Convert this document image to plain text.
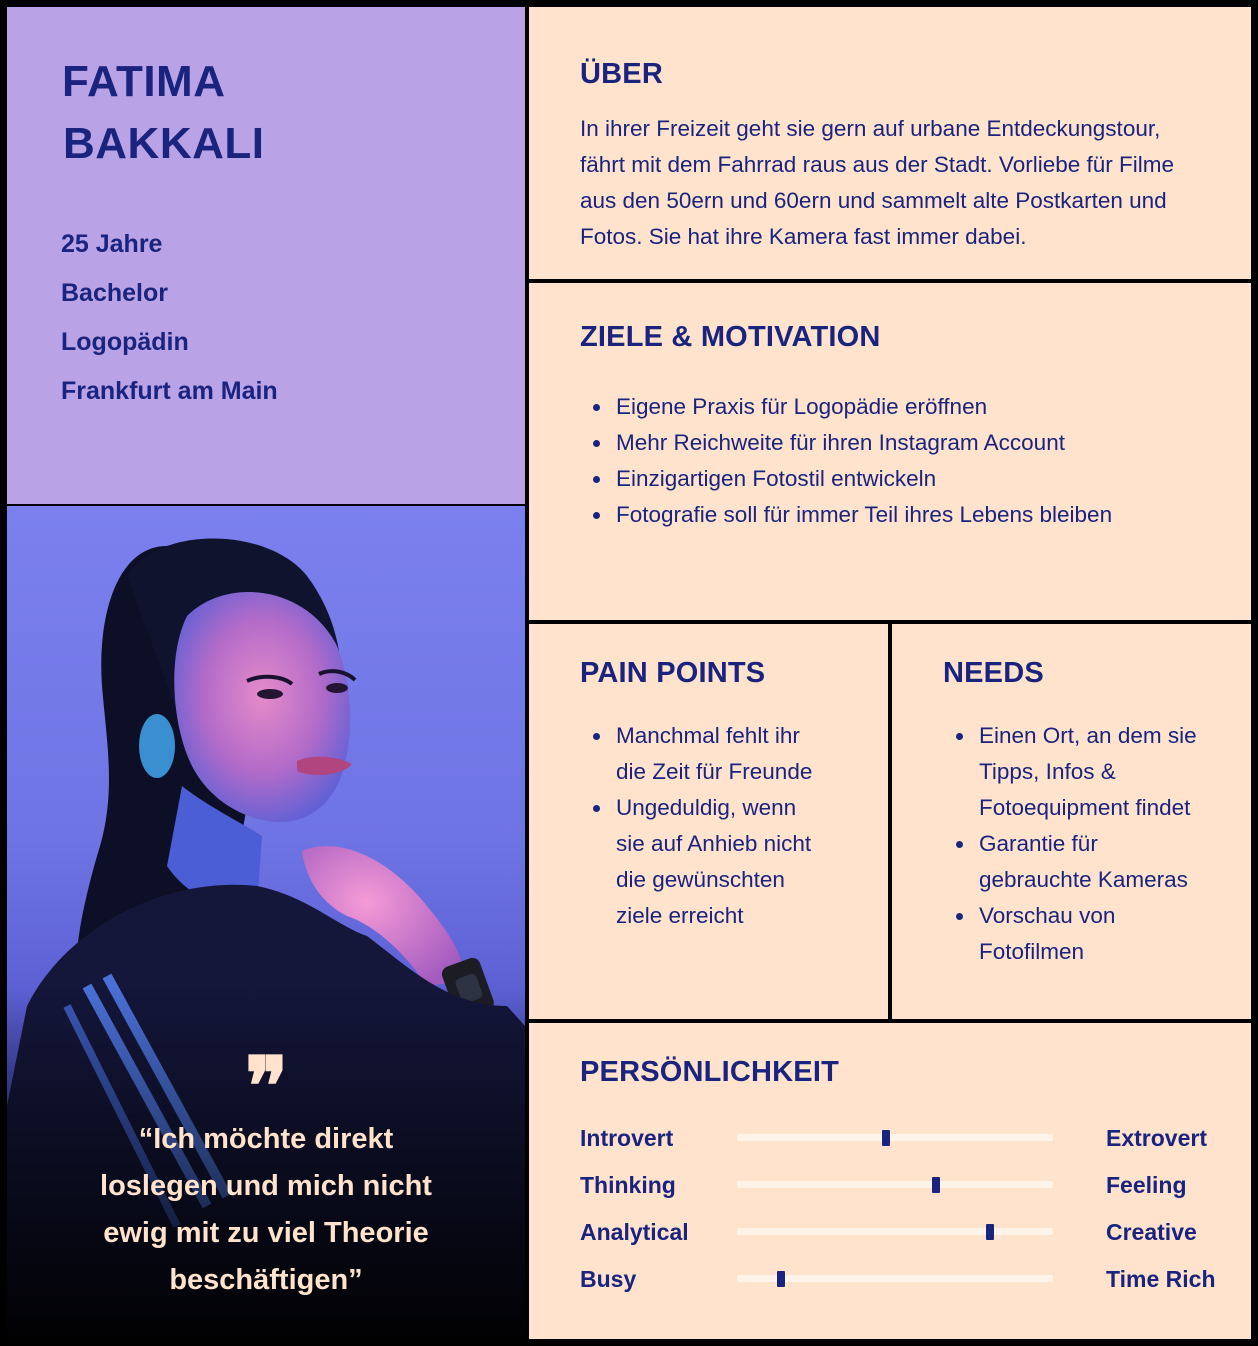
FATIMA
BAKKALI
25 Jahre
Bachelor
Logopädin
Frankfurt am Main
❞
“Ich möchte direkt
loslegen und mich nicht
ewig mit zu viel Theorie
beschäftigen”
ÜBER
In ihrer Freizeit geht sie gern auf urbane Entdeckungstour,
fährt mit dem Fahrrad raus aus der Stadt. Vorliebe für Filme
aus den 50ern und 60ern und sammelt alte Postkarten und
Fotos. Sie hat ihre Kamera fast immer dabei.
ZIELE & MOTIVATION
Eigene Praxis für Logopädie eröffnen
Mehr Reichweite für ihren Instagram Account
Einzigartigen Fotostil entwickeln
Fotografie soll für immer Teil ihres Lebens bleiben
PAIN POINTS
Manchmal fehlt ihr
die Zeit für Freunde
Ungeduldig, wenn
sie auf Anhieb nicht
die gewünschten
ziele erreicht
NEEDS
Einen Ort, an dem sie
Tipps, Infos &
Fotoequipment findet
Garantie für
gebrauchte Kameras
Vorschau von
Fotofilmen
PERSÖNLICHKEIT
Introvert	Extrovert
Thinking	Feeling
Analytical	Creative
Busy	Time Rich
